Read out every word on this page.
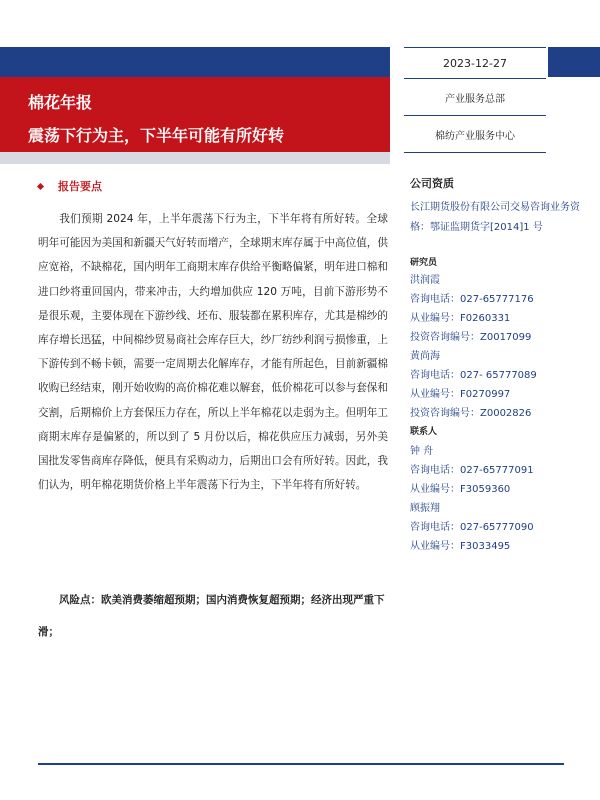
棉花年报
震荡下行为主，下半年可能有所好转
2023-12-27
产业服务总部
棉纺产业服务中心
报告要点

我们预期 2024 年，上半年震荡下行为主，下半年将有所好转。全球明年可能因为美国和新疆天气好转而增产，全球期末库存属于中高位值，供应宽裕，不缺棉花，国内明年工商期末库存供给平衡略偏紧，明年进口棉和进口纱将重回国内，带来冲击，大约增加供应 120 万吨，目前下游形势不是很乐观，主要体现在下游纱线、坯布、服装都在累积库存，尤其是棉纱的库存增长迅猛，中间棉纱贸易商社会库存巨大，纱厂纺纱利润亏损惨重，上下游传到不畅卡顿，需要一定周期去化解库存，才能有所起色，目前新疆棉收购已经结束，刚开始收购的高价棉花难以解套，低价棉花可以参与套保和交割，后期棉价上方套保压力存在，所以上半年棉花以走弱为主。但明年工商期末库存是偏紧的，所以到了 5 月份以后，棉花供应压力减弱，另外美国批发零售商库存降低，便具有采购动力，后期出口会有所好转。因此，我们认为，明年棉花期货价格上半年震荡下行为主，下半年将有所好转。

风险点：欧美消费萎缩超预期；国内消费恢复超预期；经济出现严重下滑；

公司资质
长江期货股份有限公司交易咨询业务资格：鄂证监期货字[2014]1 号
研究员
洪润霞
咨询电话：027-65777176
从业编号：F0260331
投资咨询编号：Z0017099
黄尚海
咨询电话：027- 65777089
从业编号：F0270997
投资咨询编号：Z0002826
联系人
钟 舟
咨询电话：027-65777091
从业编号：F3059360
顾振翔
咨询电话：027-65777090
从业编号：F3033495
